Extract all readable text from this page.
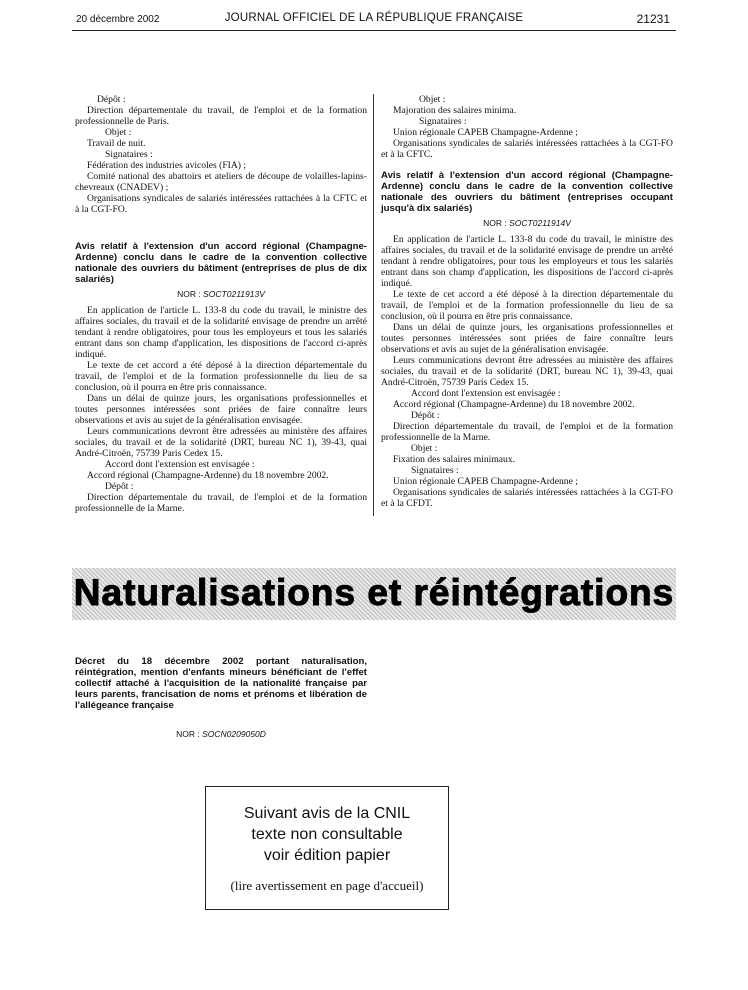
20 décembre 2002	JOURNAL OFFICIEL DE LA RÉPUBLIQUE FRANÇAISE	21231

Dépôt :

Direction départementale du travail, de l'emploi et de la formation professionnelle de Paris.

Objet :

Travail de nuit.

Signataires :

Fédération des industries avicoles (FIA) ;

Comité national des abattoirs et ateliers de découpe de volailles-lapins-chevreaux (CNADEV) ;

Organisations syndicales de salariés intéressées rattachées à la CFTC et à la CGT-FO.

Avis relatif à l'extension d'un accord régional (Champagne-Ardenne) conclu dans le cadre de la convention collective nationale des ouvriers du bâtiment (entreprises de plus de dix salariés)
NOR : SOCT0211913V

En application de l'article L. 133-8 du code du travail, le ministre des affaires sociales, du travail et de la solidarité envisage de prendre un arrêté tendant à rendre obligatoires, pour tous les employeurs et tous les salariés entrant dans son champ d'application, les dispositions de l'accord ci-après indiqué.

Le texte de cet accord a été déposé à la direction départementale du travail, de l'emploi et de la formation professionnelle du lieu de sa conclusion, où il pourra en être pris connaissance.

Dans un délai de quinze jours, les organisations professionnelles et toutes personnes intéressées sont priées de faire connaître leurs observations et avis au sujet de la généralisation envisagée.

Leurs communications devront être adressées au ministère des affaires sociales, du travail et de la solidarité (DRT, bureau NC 1), 39-43, quai André-Citroën, 75739 Paris Cedex 15.

Accord dont l'extension est envisagée :

Accord régional (Champagne-Ardenne) du 18 novembre 2002.

Dépôt :

Direction départementale du travail, de l'emploi et de la formation professionnelle de la Marne.

Objet :

Majoration des salaires minima.

Signataires :

Union régionale CAPEB Champagne-Ardenne ;

Organisations syndicales de salariés intéressées rattachées à la CGT-FO et à la CFTC.

Avis relatif à l'extension d'un accord régional (Champagne-Ardenne) conclu dans le cadre de la convention collective nationale des ouvriers du bâtiment (entreprises occupant jusqu'à dix salariés)
NOR : SOCT0211914V

En application de l'article L. 133-8 du code du travail, le ministre des affaires sociales, du travail et de la solidarité envisage de prendre un arrêté tendant à rendre obligatoires, pour tous les employeurs et tous les salariés entrant dans son champ d'application, les dispositions de l'accord ci-après indiqué.

Le texte de cet accord a été déposé à la direction départementale du travail, de l'emploi et de la formation professionnelle du lieu de sa conclusion, où il pourra en être pris connaissance.

Dans un délai de quinze jours, les organisations professionnelles et toutes personnes intéressées sont priées de faire connaître leurs observations et avis au sujet de la généralisation envisagée.

Leurs communications devront être adressées au ministère des affaires sociales, du travail et de la solidarité (DRT, bureau NC 1), 39-43, quai André-Citroën, 75739 Paris Cedex 15.

Accord dont l'extension est envisagée :

Accord régional (Champagne-Ardenne) du 18 novembre 2002.

Dépôt :

Direction départementale du travail, de l'emploi et de la formation professionnelle de la Marne.

Objet :

Fixation des salaires minimaux.

Signataires :

Union régionale CAPEB Champagne-Ardenne ;

Organisations syndicales de salariés intéressées rattachées à la CGT-FO et à la CFDT.

Naturalisations et réintégrations
Décret du 18 décembre 2002 portant naturalisation, réintégration, mention d'enfants mineurs bénéficiant de l'effet collectif attaché à l'acquisition de la nationalité française par leurs parents, francisation de noms et prénoms et libération de l'allégeance française
NOR : SOCN0209050D
Suivant avis de la CNIL
texte non consultable
voir édition papier
(lire avertissement en page d'accueil)
